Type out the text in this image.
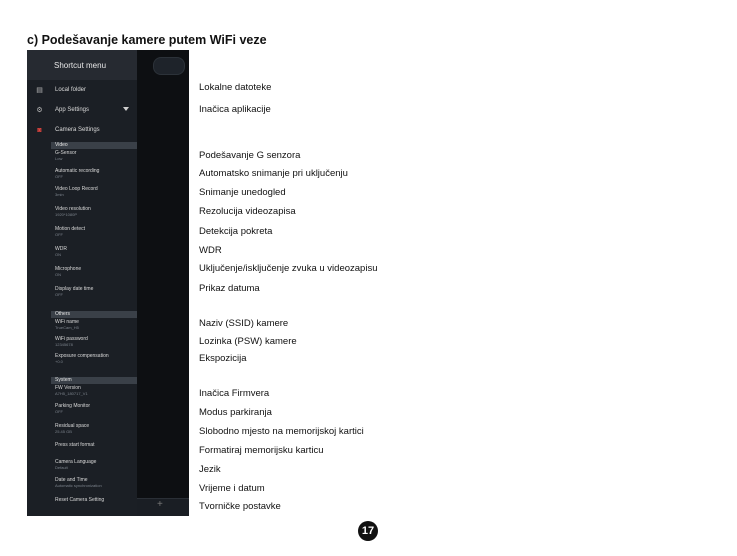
c) Podešavanje kamere putem WiFi veze
+
Shortcut menu
▤ Local folder
⚙ App Settings
◙	Camera Settings
Video
G-Sensor
Low
Automatic recording
OFF
Video Loop Record
3min
Video resolution
1920*1080P
Motion detect
OFF
WDR
ON
Microphone
ON
Display date time
OFF
Others
WiFi name
TrueCam_H5
WiFi password
12345678
Exposure compensation
+0.0
System
FW Version
A7H5_180717_V1
Parking Monitor
OFF
Residual space
25.45 GB
Press start format
Camera Language
Default
Date and Time
Automatic synchronization
Reset Camera Setting
Lokalne datoteke
Inačica aplikacije
Podešavanje G senzora
Automatsko snimanje pri uključenju
Snimanje unedogled
Rezolucija videozapisa
Detekcija pokreta
WDR
Uključenje/isključenje zvuka u videozapisu
Prikaz datuma
Naziv (SSID) kamere
Lozinka (PSW) kamere
Ekspozicija
Inačica Firmvera
Modus parkiranja
Slobodno mjesto na memorijskoj kartici
Formatiraj memorijsku karticu
Jezik
Vrijeme i datum
Tvorničke postavke
17
